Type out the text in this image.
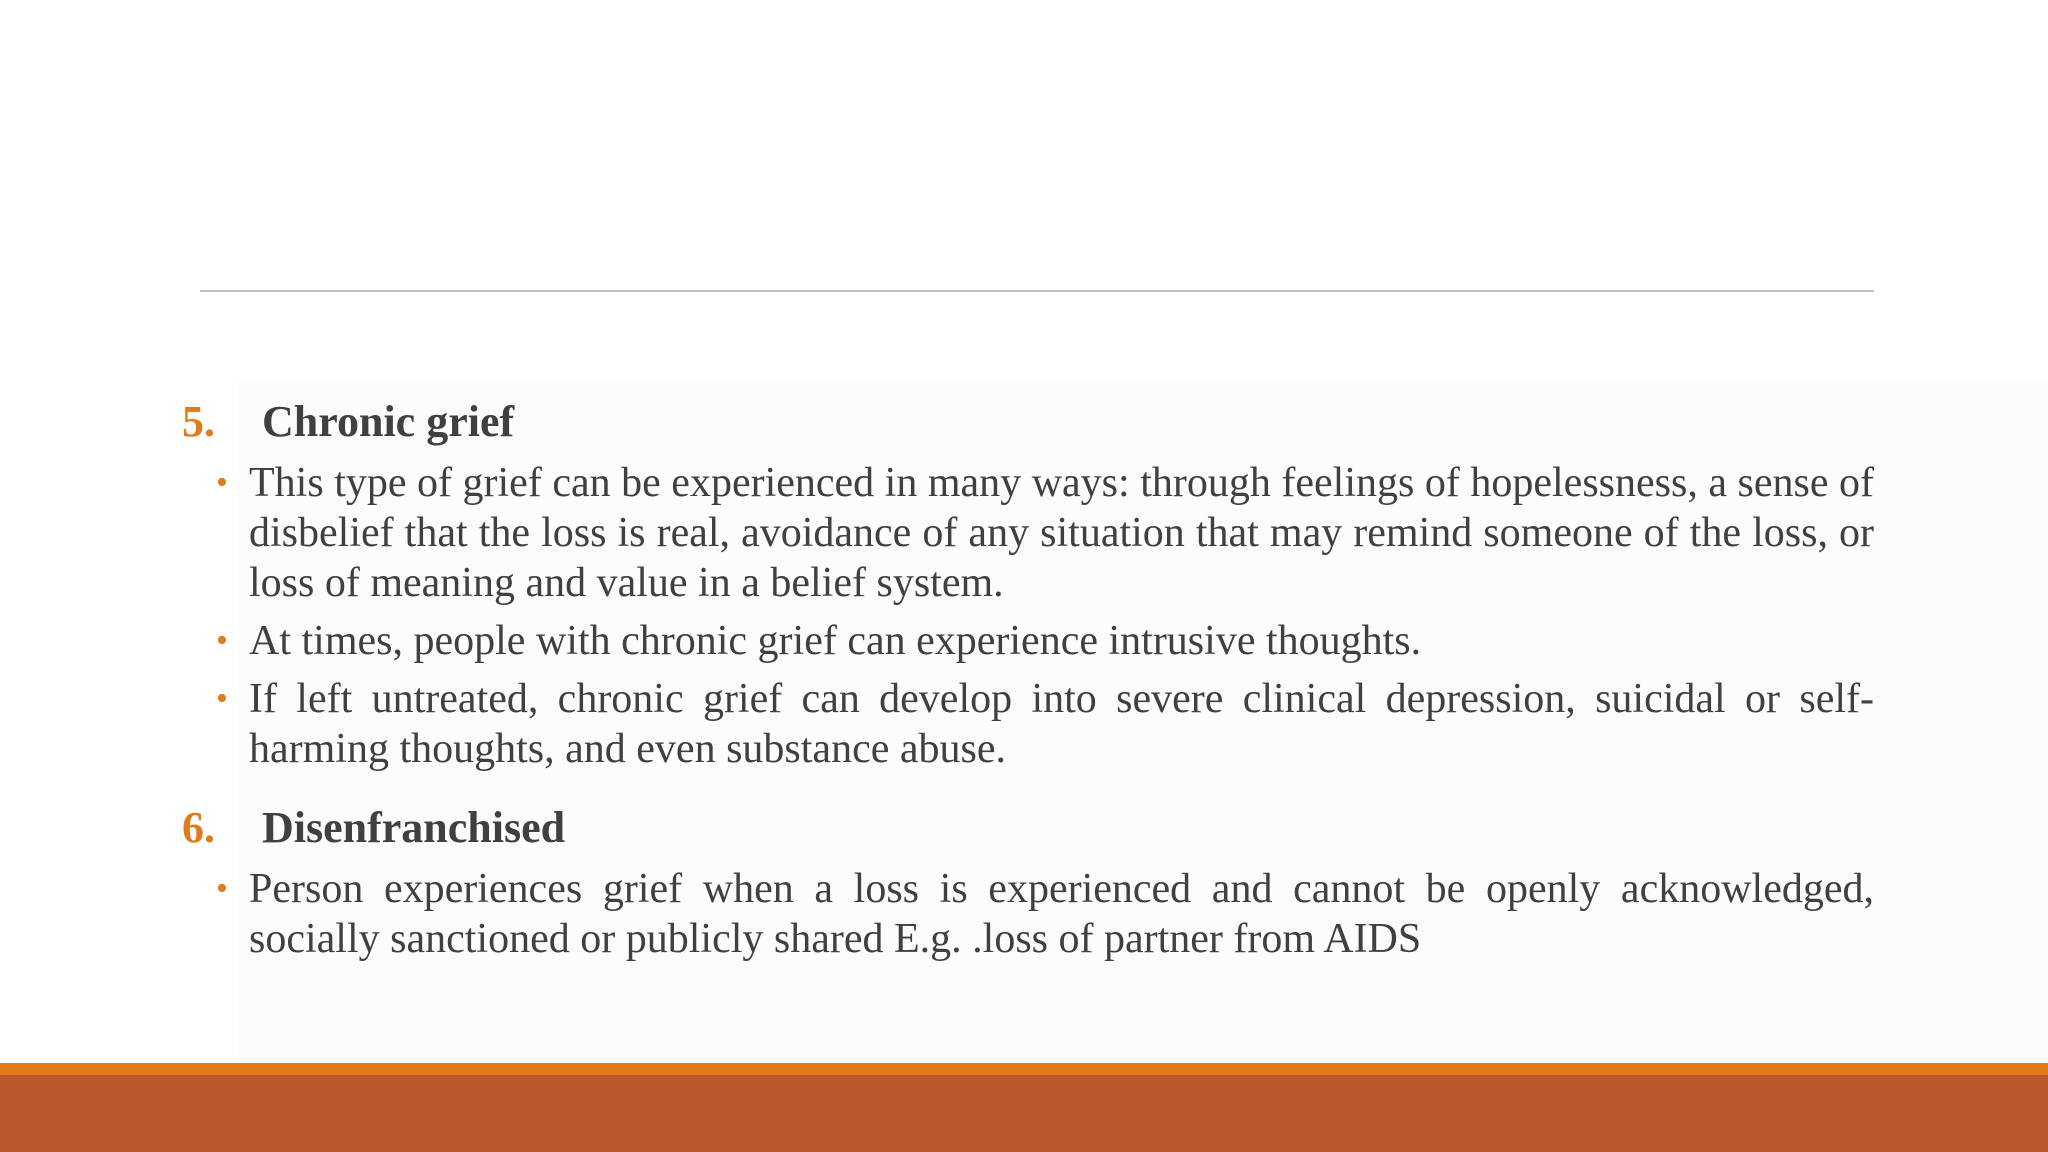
5.	Chronic grief
• This type of grief can be experienced in many ways: through feelings of hopelessness, a sense of disbelief that the loss is real, avoidance of any situation that may remind someone of the loss, or loss of meaning and value in a belief system.
• At times, people with chronic grief can experience intrusive thoughts.
• If left untreated, chronic grief can develop into severe clinical depression, suicidal or self-harming thoughts, and even substance abuse.
6.	Disenfranchised
• Person experiences grief when a loss is experienced and cannot be openly acknowledged, socially sanctioned or publicly shared E.g. .loss of partner from AIDS
